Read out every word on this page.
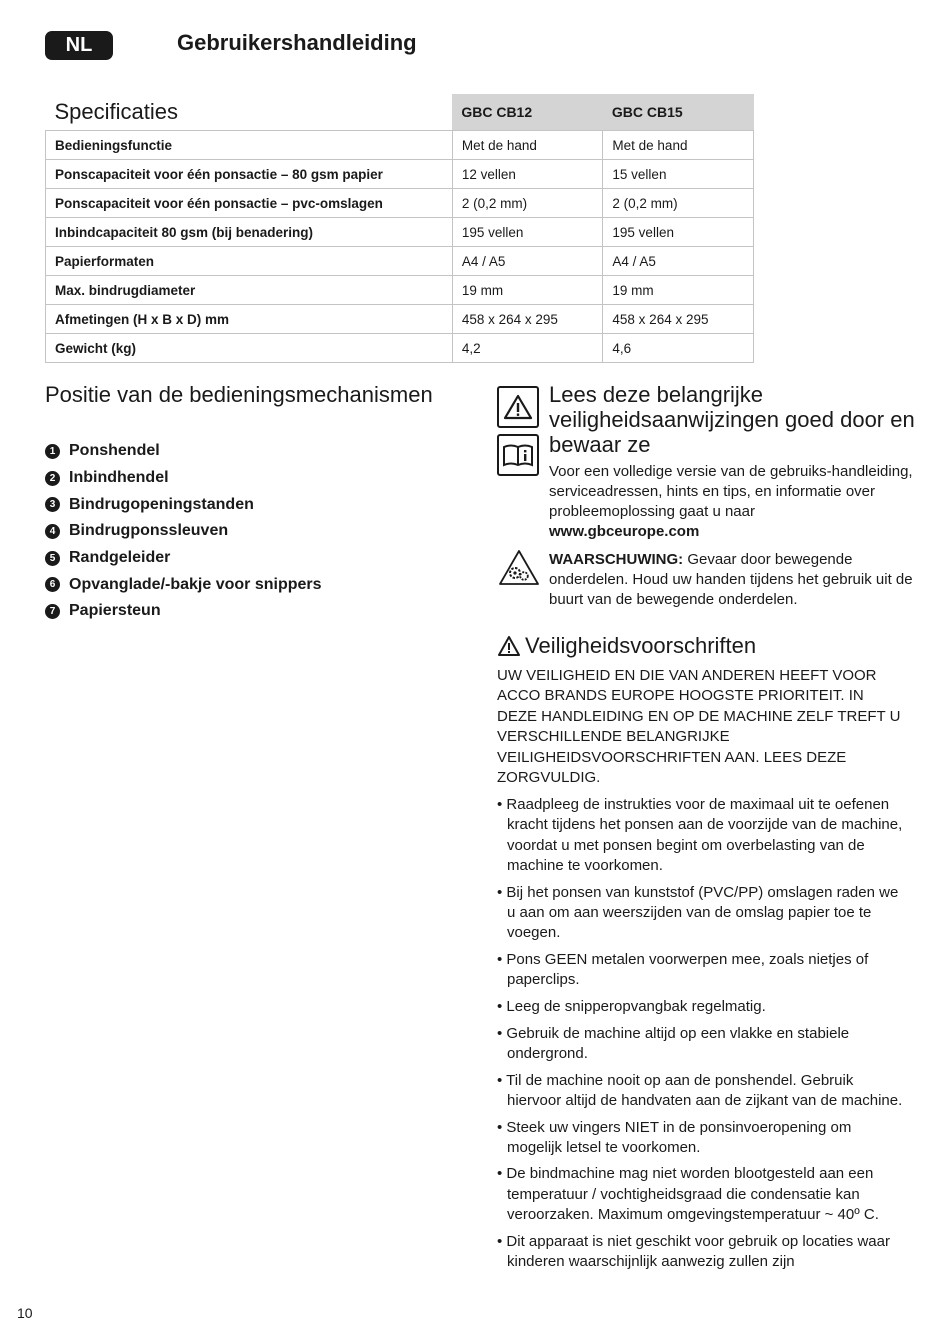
NL	Gebruikershandleiding
Specificaties	GBC CB12	GBC CB15
Bedieningsfunctie	Met de hand	Met de hand
Ponscapaciteit voor één ponsactie – 80 gsm papier	12 vellen	15 vellen
Ponscapaciteit voor één ponsactie – pvc-omslagen	2 (0,2 mm)	2 (0,2 mm)
Inbindcapaciteit 80 gsm (bij benadering)	195 vellen	195 vellen
Papierformaten	A4 / A5	A4 / A5
Max. bindrugdiameter	19 mm	19 mm
Afmetingen (H x B x D) mm	458 x 264 x 295	458 x 264 x 295
Gewicht (kg)	4,2	4,6
Positie van de bedieningsmechanismen
1 Ponshendel
2 Inbindhendel
3 Bindrugopeningstanden
4 Bindrugponssleuven
5 Randgeleider
6 Opvanglade/-bakje voor snippers
7 Papiersteun
Lees deze belangrijke veiligheidsaanwijzingen goed door en bewaar ze

Voor een volledige versie van de gebruiks-handleiding, serviceadressen, hints en tips, en informatie over probleemoplossing gaat u naar
www.gbceurope.com

WAARSCHUWING: Gevaar door bewegende onderdelen. Houd uw handen tijdens het gebruik uit de buurt van de bewegende onderdelen.

Veiligheidsvoorschriften

UW VEILIGHEID EN DIE VAN ANDEREN HEEFT VOOR ACCO BRANDS EUROPE HOOGSTE PRIORITEIT. IN DEZE HANDLEIDING EN OP DE MACHINE ZELF TREFT U VERSCHILLENDE BELANGRIJKE VEILIGHEIDSVOORSCHRIFTEN AAN. LEES DEZE ZORGVULDIG.

• Raadpleeg de instrukties voor de maximaal uit te oefenen kracht tijdens het ponsen aan de voorzijde van de machine, voordat u met ponsen begint om overbelasting van de machine te voorkomen.
• Bij het ponsen van kunststof (PVC/PP) omslagen raden we u aan om aan weerszijden van de omslag papier toe te voegen.
• Pons GEEN metalen voorwerpen mee, zoals nietjes of paperclips.
• Leeg de snipperopvangbak regelmatig.
• Gebruik de machine altijd op een vlakke en stabiele ondergrond.
• Til de machine nooit op aan de ponshendel. Gebruik hiervoor altijd de handvaten aan de zijkant van de machine.
• Steek uw vingers NIET in de ponsinvoeropening om mogelijk letsel te voorkomen.
• De bindmachine mag niet worden blootgesteld aan een temperatuur / vochtigheidsgraad die condensatie kan veroorzaken. Maximum omgevingstemperatuur ~ 40º C.
• Dit apparaat is niet geschikt voor gebruik op locaties waar kinderen waarschijnlijk aanwezig zullen zijn
10
